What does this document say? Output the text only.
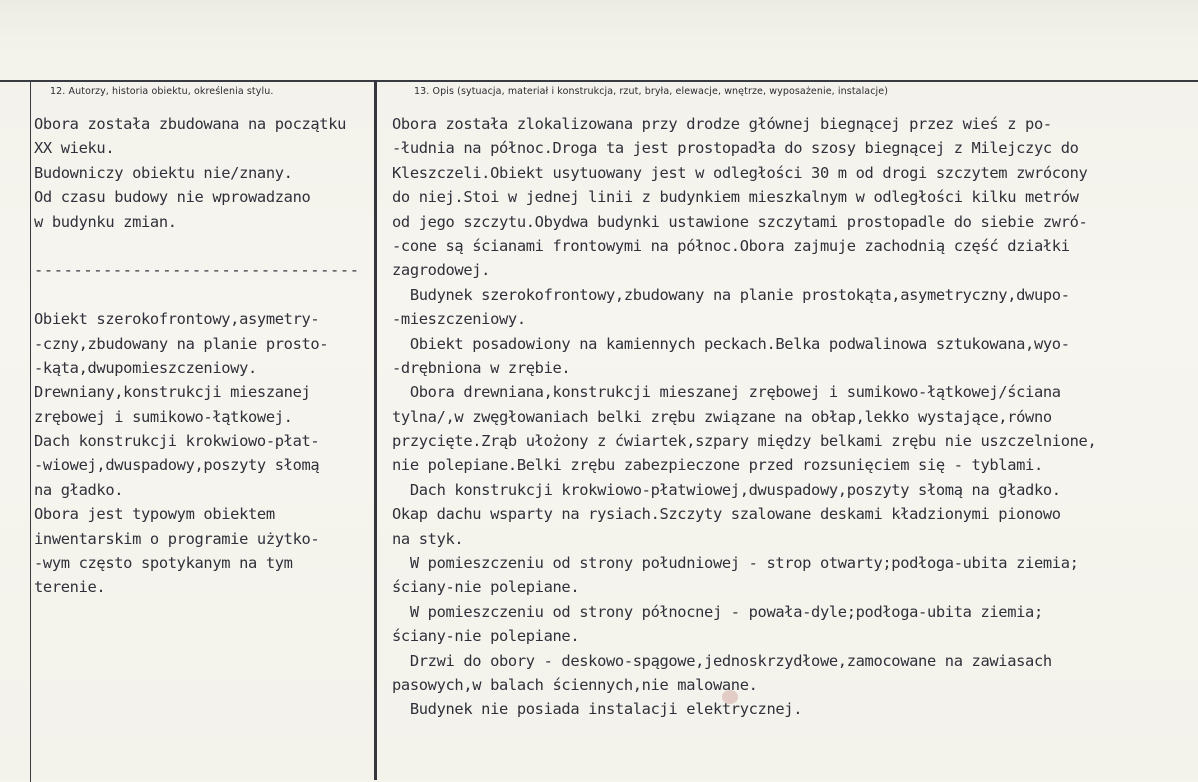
12. Autorzy, historia obiektu, określenia stylu.	13. Opis (sytuacja, materiał i konstrukcja, rzut, bryła, elewacje, wnętrze, wyposażenie, instalacje)
Obora została zbudowana na początku
XX wieku.
Budowniczy obiektu nie/znany.
Od czasu budowy nie wprowadzano
w budynku zmian.
---------------------------------
Obiekt szerokofrontowy,asymetry-
-czny,zbudowany na planie prosto-
-kąta,dwupomieszczeniowy.
Drewniany,konstrukcji mieszanej
zrębowej i sumikowo-łątkowej.
Dach konstrukcji krokwiowo-płat-
-wiowej,dwuspadowy,poszyty słomą
na gładko.
Obora jest typowym obiektem
inwentarskim o programie użytko-
-wym często spotykanym na tym
terenie.
Obora została zlokalizowana przy drodze głównej biegnącej przez wieś z po-
-łudnia na północ.Droga ta jest prostopadła do szosy biegnącej z Milejczyc do
Kleszczeli.Obiekt usytuowany jest w odległości 30 m od drogi szczytem zwrócony
do niej.Stoi w jednej linii z budynkiem mieszkalnym w odległości kilku metrów
od jego szczytu.Obydwa budynki ustawione szczytami prostopadle do siebie zwró-
-cone są ścianami frontowymi na północ.Obora zajmuje zachodnią część działki
zagrodowej.
Budynek szerokofrontowy,zbudowany na planie prostokąta,asymetryczny,dwupo-
-mieszczeniowy.
Obiekt posadowiony na kamiennych peckach.Belka podwalinowa sztukowana,wyo-
-drębniona w zrębie.
Obora drewniana,konstrukcji mieszanej zrębowej i sumikowo-łątkowej/ściana
tylna/,w zwęgłowaniach belki zrębu związane na obłap,lekko wystające,równo
przycięte.Zrąb ułożony z ćwiartek,szpary między belkami zrębu nie uszczelnione,
nie polepiane.Belki zrębu zabezpieczone przed rozsunięciem się - tyblami.
Dach konstrukcji krokwiowo-płatwiowej,dwuspadowy,poszyty słomą na gładko.
Okap dachu wsparty na rysiach.Szczyty szalowane deskami kładzionymi pionowo
na styk.
W pomieszczeniu od strony południowej - strop otwarty;podłoga-ubita ziemia;
ściany-nie polepiane.
W pomieszczeniu od strony północnej - powała-dyle;podłoga-ubita ziemia;
ściany-nie polepiane.
Drzwi do obory - deskowo-spągowe,jednoskrzydłowe,zamocowane na zawiasach
pasowych,w balach ściennych,nie malowane.
Budynek nie posiada instalacji elektrycznej.
